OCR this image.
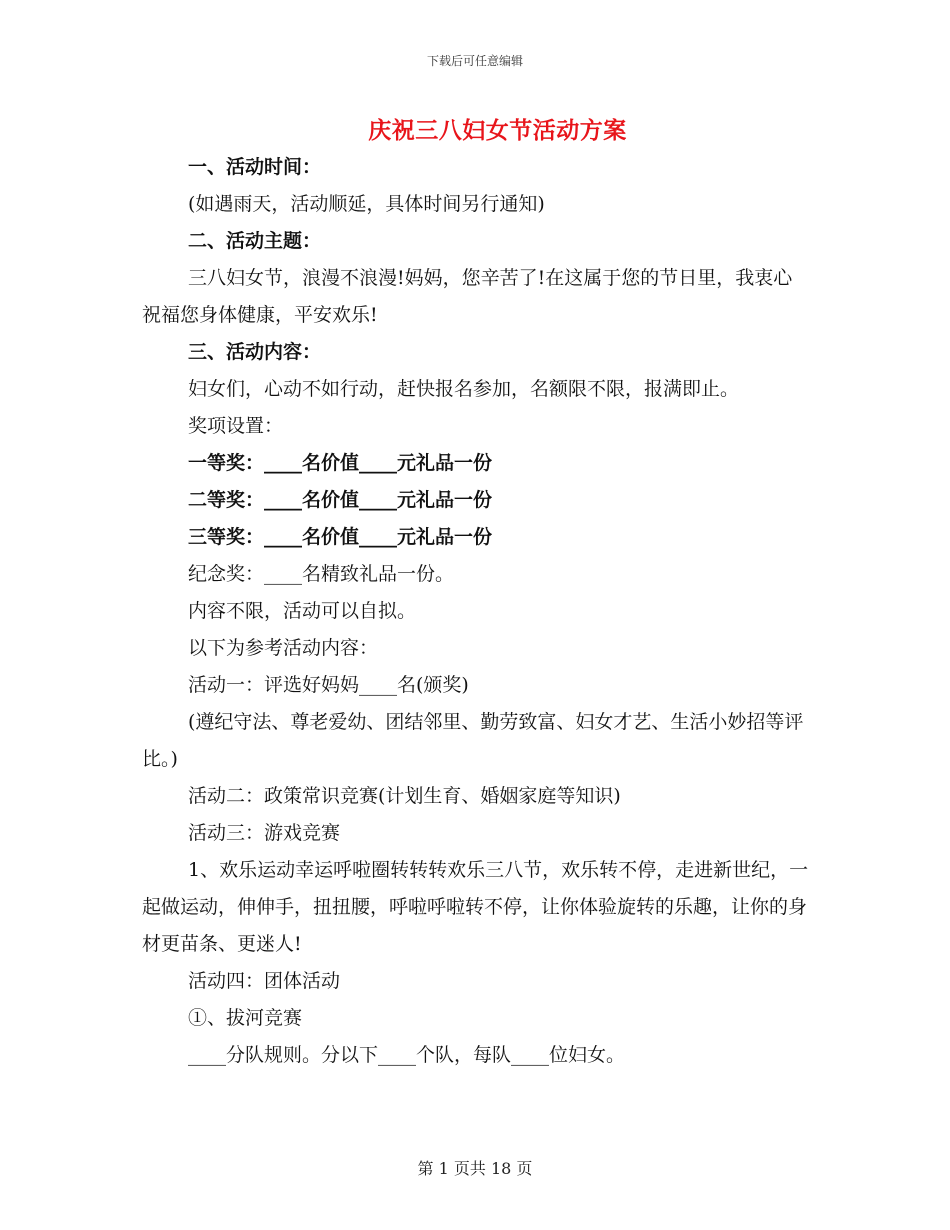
下载后可任意编辑
庆祝三八妇女节活动方案

一、活动时间：

(如遇雨天，活动顺延，具体时间另行通知)

二、活动主题：

三八妇女节，浪漫不浪漫!妈妈，您辛苦了!在这属于您的节日里，我衷心祝福您身体健康，平安欢乐!

三、活动内容：

妇女们，心动不如行动，赶快报名参加，名额限不限，报满即止。

奖项设置：

一等奖：____名价值____元礼品一份

二等奖：____名价值____元礼品一份

三等奖：____名价值____元礼品一份

纪念奖：____名精致礼品一份。

内容不限，活动可以自拟。

以下为参考活动内容：

活动一：评选好妈妈____名(颁奖)

(遵纪守法、尊老爱幼、团结邻里、勤劳致富、妇女才艺、生活小妙招等评比。)

活动二：政策常识竞赛(计划生育、婚姻家庭等知识)

活动三：游戏竞赛

1、欢乐运动幸运呼啦圈转转转欢乐三八节，欢乐转不停，走进新世纪，一起做运动，伸伸手，扭扭腰，呼啦呼啦转不停，让你体验旋转的乐趣，让你的身材更苗条、更迷人!

活动四：团体活动

①、拔河竞赛

____分队规则。分以下____个队，每队____位妇女。

第 1 页共 18 页
